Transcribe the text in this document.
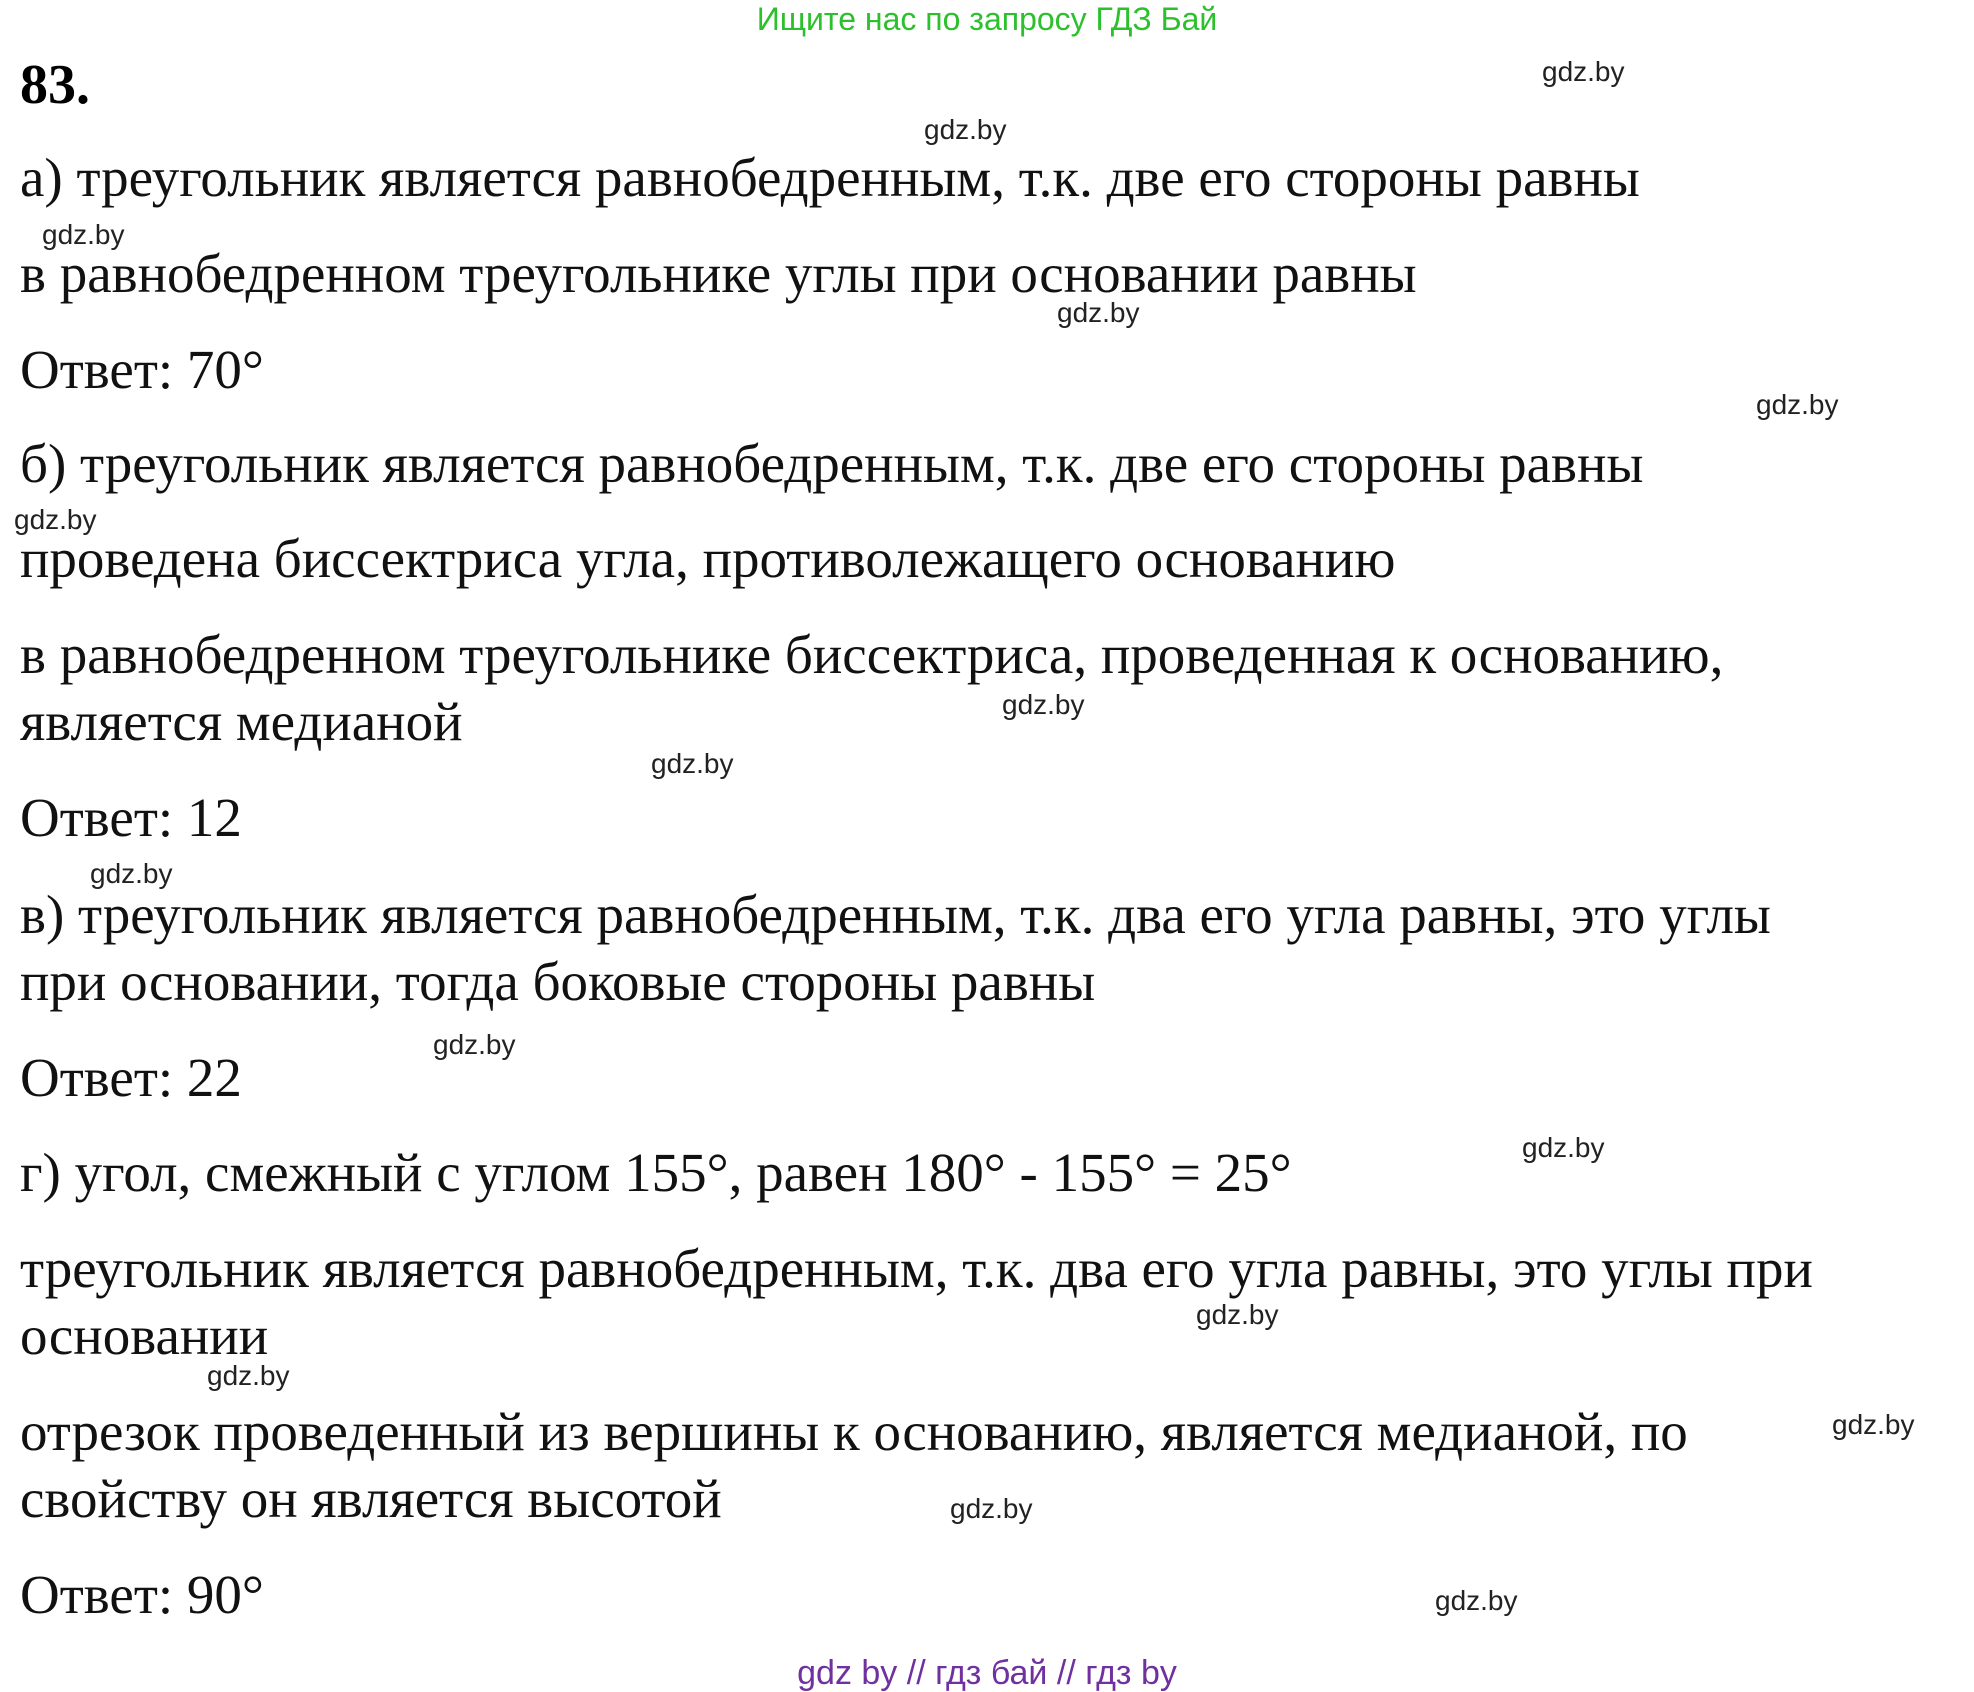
Ищите нас по запросу ГДЗ Бай
83.
а) треугольник является равнобедренным, т.к. две его стороны равны
в равнобедренном треугольнике углы при основании равны
Ответ: 70°
б) треугольник является равнобедренным, т.к. две его стороны равны
проведена биссектриса угла, противолежащего основанию
в равнобедренном треугольнике биссектриса, проведенная к основанию,
является медианой
Ответ: 12
в) треугольник является равнобедренным, т.к. два его угла равны, это углы
при основании, тогда боковые стороны равны
Ответ: 22
г) угол, смежный с углом 155°, равен 180° - 155° = 25°
треугольник является равнобедренным, т.к. два его угла равны, это углы при
основании
отрезок проведенный из вершины к основанию, является медианой, по
свойству он является высотой
Ответ: 90°
gdz.by
gdz.by
gdz.by
gdz.by
gdz.by
gdz.by
gdz.by
gdz.by
gdz.by
gdz.by
gdz.by
gdz.by
gdz.by
gdz.by
gdz.by
gdz.by
gdz by // гдз бай // гдз by
